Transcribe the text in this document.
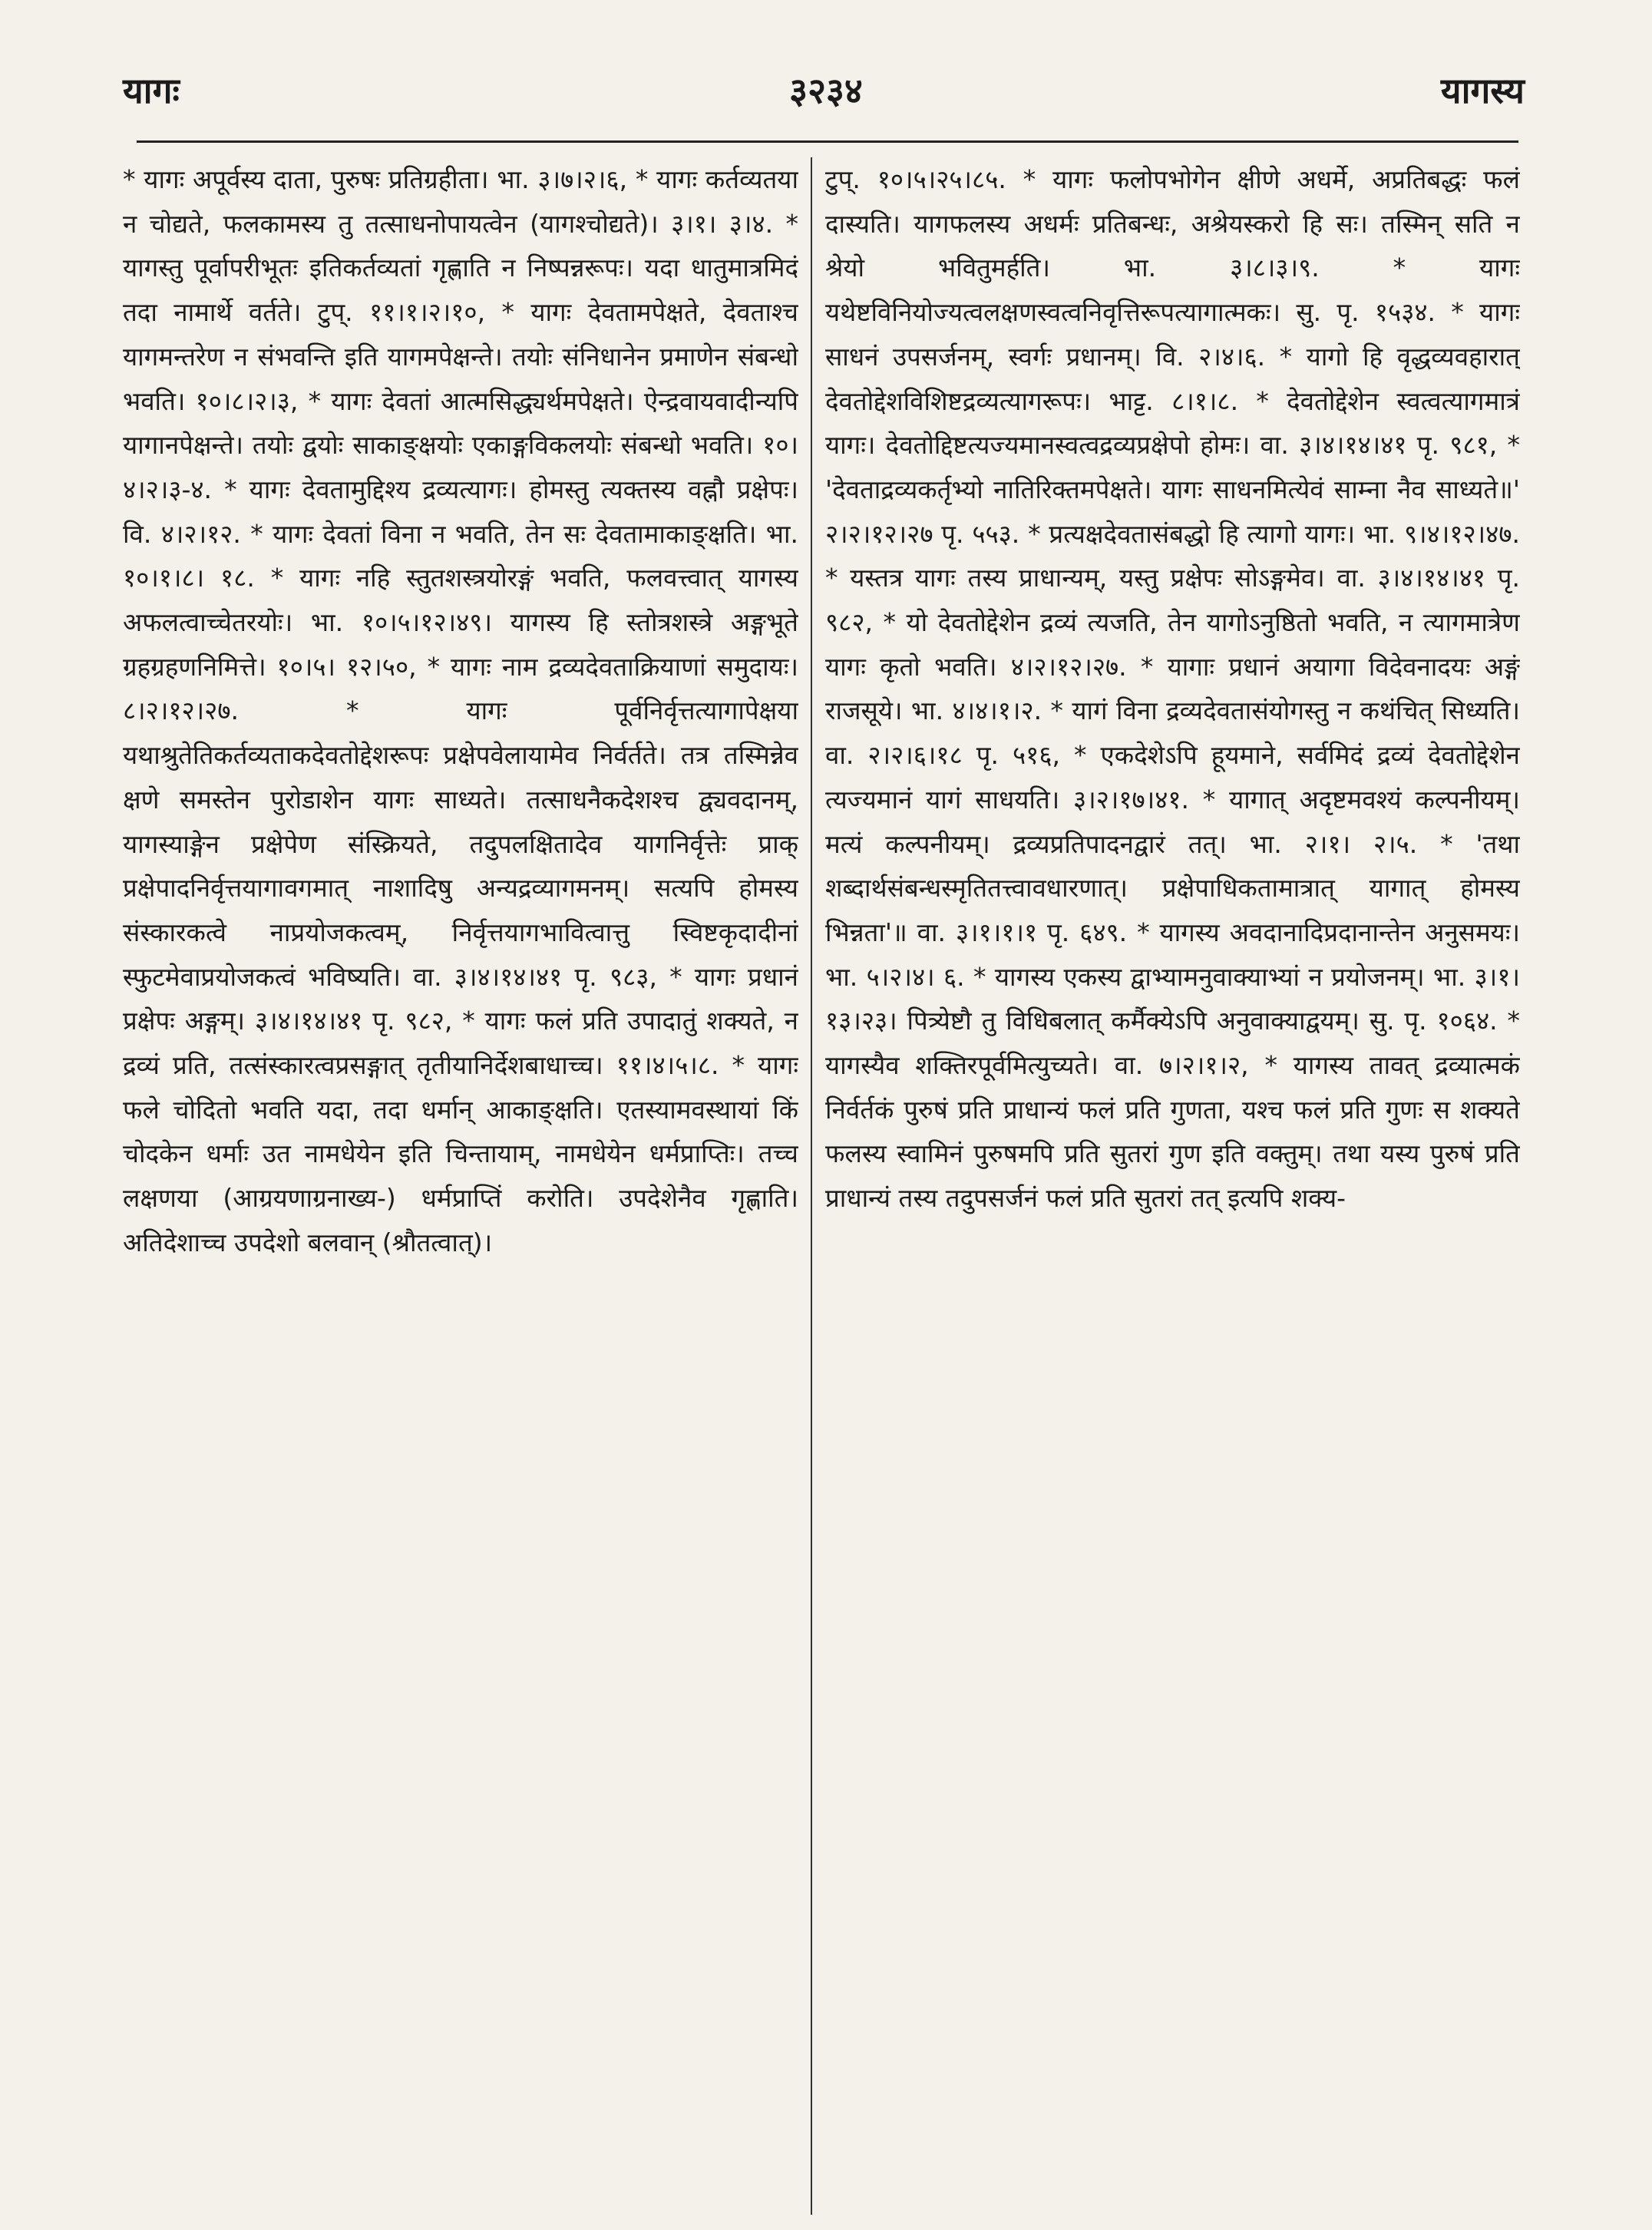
यागः	३२३४	यागस्य

* यागः अपूर्वस्य दाता, पुरुषः प्रतिग्रहीता। भा. ३।७।२।६, * यागः कर्तव्यतया न चोद्यते, फलकामस्य तु तत्साधनोपायत्वेन (यागश्चोद्यते)। ३।१। ३।४. * यागस्तु पूर्वापरीभूतः इतिकर्तव्यतां गृह्णाति न निष्पन्नरूपः। यदा धातुमात्रमिदं तदा नामार्थे वर्तते। टुप्. ११।१।२।१०, * यागः देवतामपेक्षते, देवताश्च यागमन्तरेण न संभवन्ति इति यागमपेक्षन्ते। तयोः संनिधानेन प्रमाणेन संबन्धो भवति। १०।८।२।३, * यागः देवतां आत्मसिद्ध्यर्थमपेक्षते। ऐन्द्रवायवादीन्यपि यागानपेक्षन्ते। तयोः द्वयोः साकाङ्क्षयोः एकाङ्गविकलयोः संबन्धो भवति। १०।४।२।३-४. * यागः देवतामुद्दिश्य द्रव्यत्यागः। होमस्तु त्यक्तस्य वह्नौ प्रक्षेपः। वि. ४।२।१२. * यागः देवतां विना न भवति, तेन सः देवतामाकाङ्क्षति। भा. १०।१।८। १८. * यागः नहि स्तुतशस्त्रयोरङ्गं भवति, फलवत्त्वात् यागस्य अफलत्वाच्चेतरयोः। भा. १०।५।१२।४९। यागस्य हि स्तोत्रशस्त्रे अङ्गभूते ग्रहग्रहणनिमित्ते। १०।५। १२।५०, * यागः नाम द्रव्यदेवताक्रियाणां समुदायः। ८।२।१२।२७. * यागः पूर्वनिर्वृत्तत्यागापेक्षया यथाश्रुतेतिकर्तव्यताकदेवतोद्देशरूपः प्रक्षेपवेलायामेव निर्वर्तते। तत्र तस्मिन्नेव क्षणे समस्तेन पुरोडाशेन यागः साध्यते। तत्साधनैकदेशश्च द्व्यवदानम्, यागस्याङ्गेन प्रक्षेपेण संस्क्रियते, तदुपलक्षितादेव यागनिर्वृत्तेः प्राक् प्रक्षेपादनिर्वृत्तयागावगमात् नाशादिषु अन्यद्रव्यागमनम्। सत्यपि होमस्य संस्कारकत्वे नाप्रयोजकत्वम्, निर्वृत्तयागभावित्वात्तु स्विष्टकृदादीनां स्फुटमेवाप्रयोजकत्वं भविष्यति। वा. ३।४।१४।४१ पृ. ९८३, * यागः प्रधानं प्रक्षेपः अङ्गम्। ३।४।१४।४१ पृ. ९८२, * यागः फलं प्रति उपादातुं शक्यते, न द्रव्यं प्रति, तत्संस्कारत्वप्रसङ्गात् तृतीयानिर्देशबाधाच्च। ११।४।५।८. * यागः फले चोदितो भवति यदा, तदा धर्मान् आकाङ्क्षति। एतस्यामवस्थायां किं चोदकेन धर्माः उत नामधेयेन इति चिन्तायाम्, नामधेयेन धर्मप्राप्तिः। तच्च लक्षणया (आग्रयणाग्रनाख्य-) धर्मप्राप्तिं करोति। उपदेशेनैव गृह्णाति। अतिदेशाच्च उपदेशो बलवान् (श्रौतत्वात्)।

टुप्. १०।५।२५।८५. * यागः फलोपभोगेन क्षीणे अधर्मे, अप्रतिबद्धः फलं दास्यति। यागफलस्य अधर्मः प्रतिबन्धः, अश्रेयस्करो हि सः। तस्मिन् सति न श्रेयो भवितुमर्हति। भा. ३।८।३।९. * यागः यथेष्टविनियोज्यत्वलक्षणस्वत्वनिवृत्तिरूपत्यागात्मकः। सु. पृ. १५३४. * यागः साधनं उपसर्जनम्, स्वर्गः प्रधानम्। वि. २।४।६. * यागो हि वृद्धव्यवहारात् देवतोद्देशविशिष्टद्रव्यत्यागरूपः। भाट्ट. ८।१।८. * देवतोद्देशेन स्वत्वत्यागमात्रं यागः। देवतोद्दिष्टत्यज्यमानस्वत्वद्रव्यप्रक्षेपो होमः। वा. ३।४।१४।४१ पृ. ९८१, * 'देवताद्रव्यकर्तृभ्यो नातिरिक्तमपेक्षते। यागः साधनमित्येवं साम्ना नैव साध्यते॥' २।२।१२।२७ पृ. ५५३. * प्रत्यक्षदेवतासंबद्धो हि त्यागो यागः। भा. ९।४।१२।४७. * यस्तत्र यागः तस्य प्राधान्यम्, यस्तु प्रक्षेपः सोऽङ्गमेव। वा. ३।४।१४।४१ पृ. ९८२, * यो देवतोद्देशेन द्रव्यं त्यजति, तेन यागोऽनुष्ठितो भवति, न त्यागमात्रेण यागः कृतो भवति। ४।२।१२।२७. * यागाः प्रधानं अयागा विदेवनादयः अङ्गं राजसूये। भा. ४।४।१।२. * यागं विना द्रव्यदेवतासंयोगस्तु न कथंचित् सिध्यति। वा. २।२।६।१८ पृ. ५१६, * एकदेशेऽपि हूयमाने, सर्वमिदं द्रव्यं देवतोद्देशेन त्यज्यमानं यागं साधयति। ३।२।१७।४१. * यागात् अदृष्टमवश्यं कल्पनीयम्। मत्यं कल्पनीयम्। द्रव्यप्रतिपादनद्वारं तत्। भा. २।१। २।५. * 'तथा शब्दार्थसंबन्धस्मृतितत्त्वावधारणात्। प्रक्षेपाधिकतामात्रात् यागात् होमस्य भिन्नता'॥ वा. ३।१।१।१ पृ. ६४९. * यागस्य अवदानादिप्रदानान्तेन अनुसमयः। भा. ५।२।४। ६. * यागस्य एकस्य द्वाभ्यामनुवाक्याभ्यां न प्रयोजनम्। भा. ३।१।१३।२३। पित्र्येष्टौ तु विधिबलात् कर्मैक्येऽपि अनुवाक्याद्वयम्। सु. पृ. १०६४. * यागस्यैव शक्तिरपूर्वमित्युच्यते। वा. ७।२।१।२, * यागस्य तावत् द्रव्यात्मकं निर्वर्तकं पुरुषं प्रति प्राधान्यं फलं प्रति गुणता, यश्च फलं प्रति गुणः स शक्यते फलस्य स्वामिनं पुरुषमपि प्रति सुतरां गुण इति वक्तुम्। तथा यस्य पुरुषं प्रति प्राधान्यं तस्य तदुपसर्जनं फलं प्रति सुतरां तत् इत्यपि शक्य-
